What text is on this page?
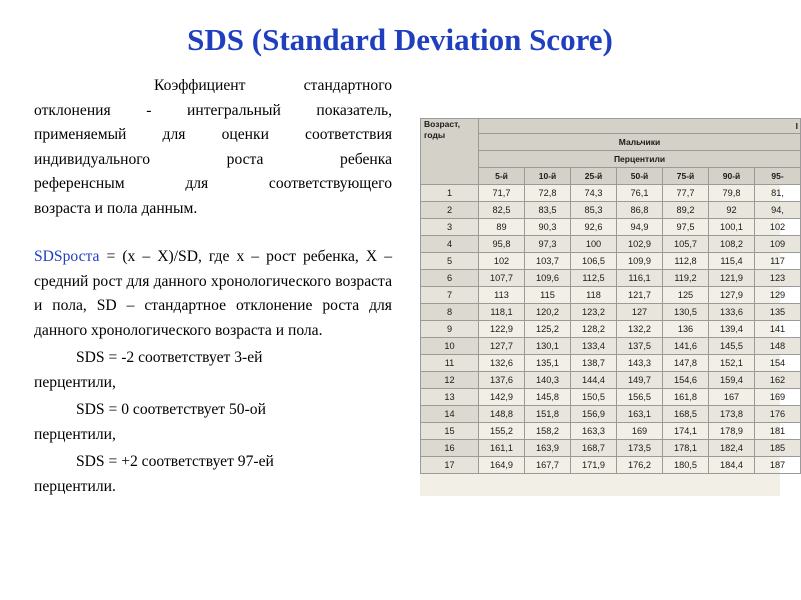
SDS (Standard Deviation Score)
Коэффициент стандартного
отклонения - интегральный показатель,
применяемый для оценки соответствия
индивидуального роста ребенка
референсным для соответствующего
возраста и пола данным.

SDSроста = (x – X)/SD, где x – рост ребенка, X – средний рост для данного хронологического возраста и пола, SD – стандартное отклонение роста для данного хронологического возраста и пола.

SDS = -2 соответствует 3-ей

перцентили,

SDS = 0 соответствует 50-ой

перцентили,

SDS = +2 соответствует 97-ей

перцентили.

Возраст,
годы	I						
	Мальчики						
	Перцентили						
	5-й	10-й	25-й	50-й	75-й	90-й	95-
1	71,7	72,8	74,3	76,1	77,7	79,8	81,
2	82,5	83,5	85,3	86,8	89,2	92	94,
3	89	90,3	92,6	94,9	97,5	100,1	102
4	95,8	97,3	100	102,9	105,7	108,2	109
5	102	103,7	106,5	109,9	112,8	115,4	117
6	107,7	109,6	112,5	116,1	119,2	121,9	123
7	113	115	118	121,7	125	127,9	129
8	118,1	120,2	123,2	127	130,5	133,6	135
9	122,9	125,2	128,2	132,2	136	139,4	141
10	127,7	130,1	133,4	137,5	141,6	145,5	148
11	132,6	135,1	138,7	143,3	147,8	152,1	154
12	137,6	140,3	144,4	149,7	154,6	159,4	162
13	142,9	145,8	150,5	156,5	161,8	167	169
14	148,8	151,8	156,9	163,1	168,5	173,8	176
15	155,2	158,2	163,3	169	174,1	178,9	181
16	161,1	163,9	168,7	173,5	178,1	182,4	185
17	164,9	167,7	171,9	176,2	180,5	184,4	187
